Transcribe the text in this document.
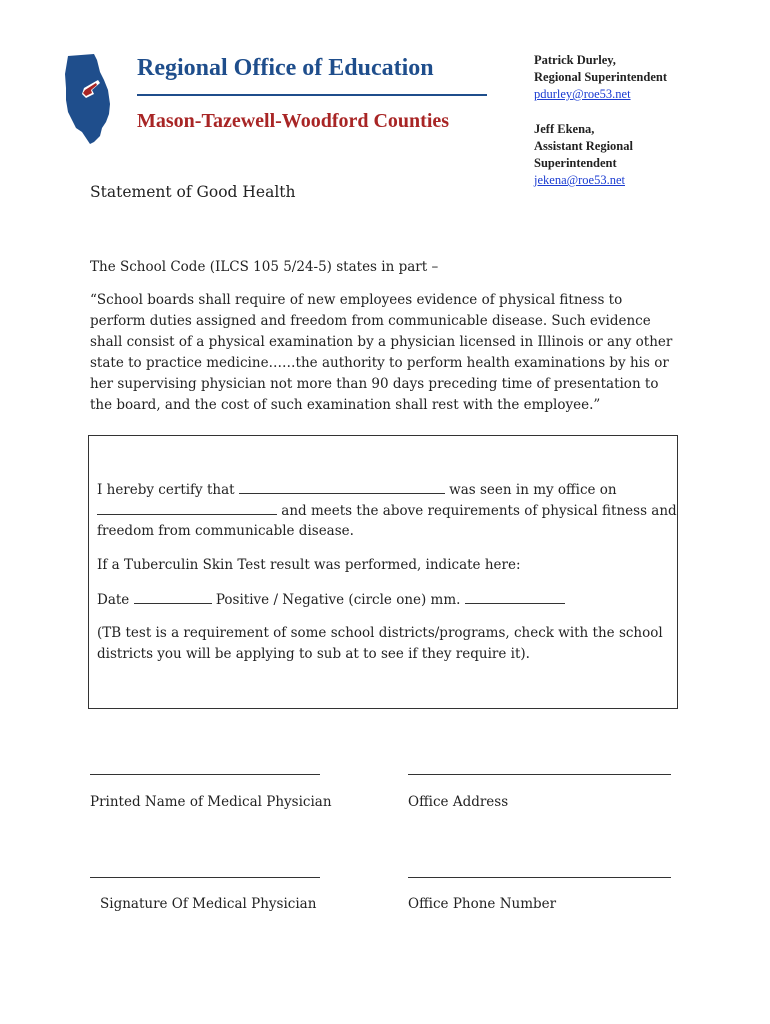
Regional Office of Education
Mason-Tazewell-Woodford Counties
Patrick Durley,
Regional Superintendent
pdurley@roe53.net
Jeff Ekena,
Assistant Regional
Superintendent
jekena@roe53.net
Statement of Good Health
The School Code (ILCS 105 5/24-5) states in part –
“School boards shall require of new employees evidence of physical fitness to perform duties assigned and freedom from communicable disease. Such evidence shall consist of a physical examination by a physician licensed in Illinois or any other state to practice medicine……the authority to perform health examinations by his or her supervising physician not more than 90 days preceding time of presentation to the board, and the cost of such examination shall rest with the employee.”
I hereby certify that	was seen in my office on
and meets the above requirements of physical fitness and
freedom from communicable disease.
If a Tuberculin Skin Test result was performed, indicate here:
Date	Positive / Negative (circle one) mm.
(TB test is a requirement of some school districts/programs, check with the school
districts you will be applying to sub at to see if they require it).
Printed Name of Medical Physician	Office Address
Signature Of Medical Physician	Office Phone Number
